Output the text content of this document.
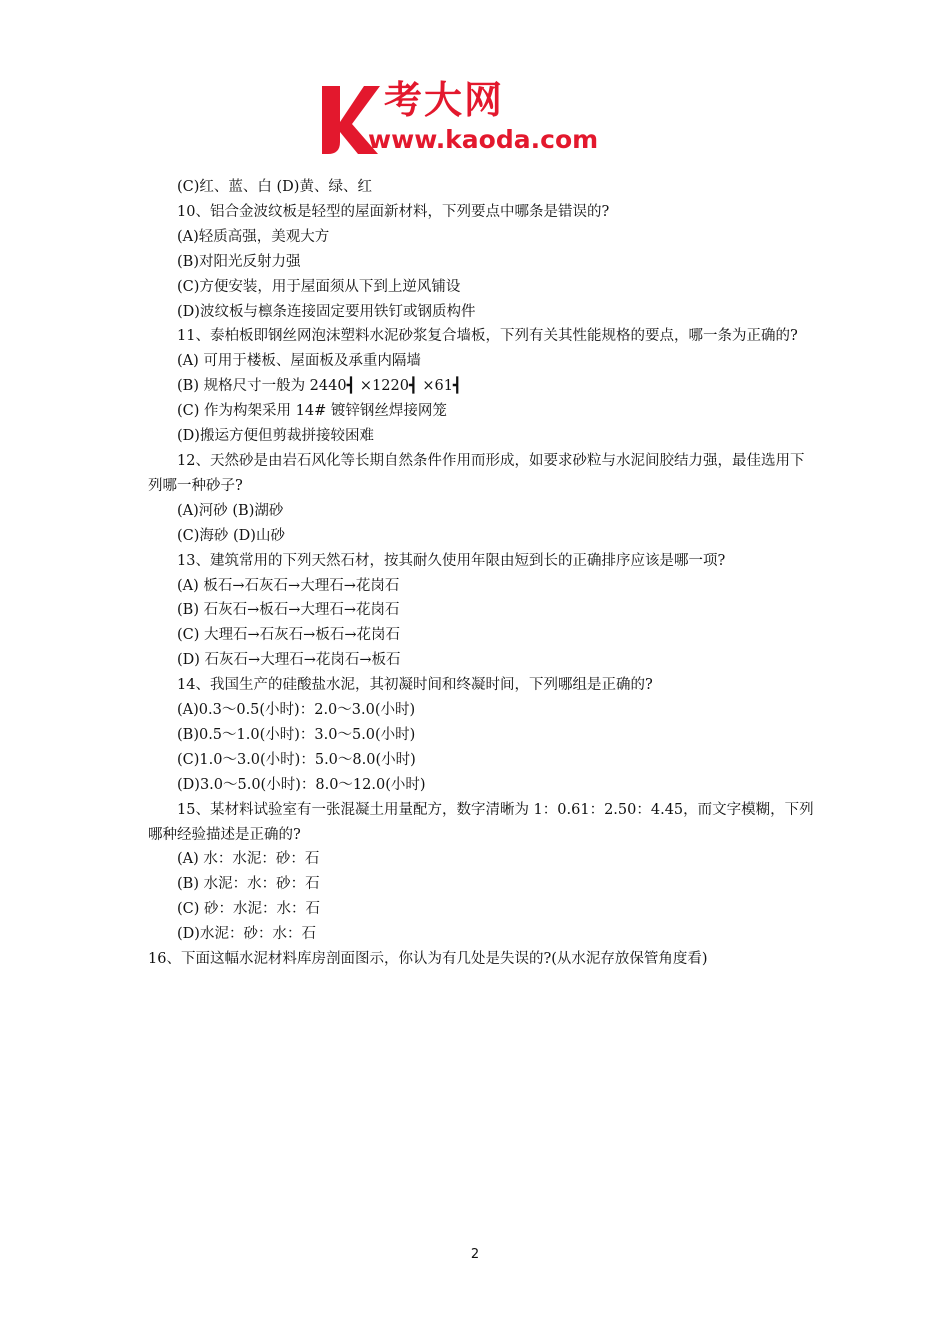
考大网
www.kaoda.com
(C)红、蓝、白 (D)黄、绿、红
10、铝合金波纹板是轻型的屋面新材料，下列要点中哪条是错误的?
(A)轻质高强，美观大方
(B)对阳光反射力强
(C)方便安装，用于屋面须从下到上逆风铺设
(D)波纹板与檩条连接固定要用铁钉或钢质构件
11、泰柏板即钢丝网泡沫塑料水泥砂浆复合墙板，下列有关其性能规格的要点，哪一条为正确的?
(A) 可用于楼板、屋面板及承重内隔墙
(B) 规格尺寸一般为 2440┫ ×1220┫ ×61┫
(C) 作为构架采用 14# 镀锌钢丝焊接网笼
(D)搬运方便但剪裁拼接较困难
12、天然砂是由岩石风化等长期自然条件作用而形成，如要求砂粒与水泥间胶结力强，最佳选用下列哪一种砂子?
(A)河砂 (B)湖砂
(C)海砂 (D)山砂
13、建筑常用的下列天然石材，按其耐久使用年限由短到长的正确排序应该是哪一项?
(A) 板石→石灰石→大理石→花岗石
(B) 石灰石→板石→大理石→花岗石
(C) 大理石→石灰石→板石→花岗石
(D) 石灰石→大理石→花岗石→板石
14、我国生产的硅酸盐水泥，其初凝时间和终凝时间，下列哪组是正确的?
(A)0.3～0.5(小时)：2.0～3.0(小时)
(B)0.5～1.0(小时)：3.0～5.0(小时)
(C)1.0～3.0(小时)：5.0～8.0(小时)
(D)3.0～5.0(小时)：8.0～12.0(小时)
15、某材料试验室有一张混凝土用量配方，数字清晰为 1：0.61：2.50：4.45，而文字模糊，下列哪种经验描述是正确的?
(A) 水：水泥：砂：石
(B) 水泥：水：砂：石
(C) 砂：水泥：水：石
(D)水泥：砂：水：石
16、下面这幅水泥材料库房剖面图示，你认为有几处是失误的?(从水泥存放保管角度看)
2
